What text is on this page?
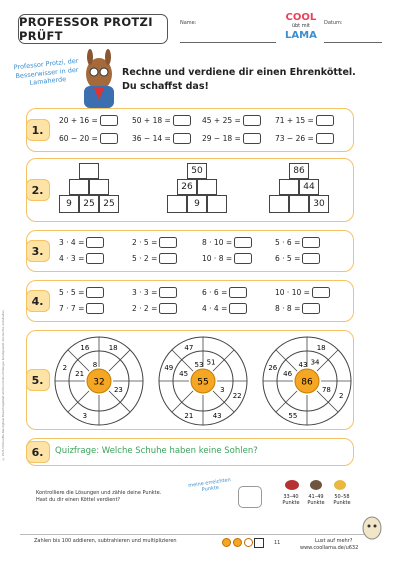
PROFESSOR PROTZI PRÜFT
Name:	COOL
übt mit
LAMA
Datum:
© 2023 COOLLAMA Das digitale Bewertungsblatt wird bei Online-Prüfungen bereitgestellt. Alle Rechte vorbehalten.
Professor Protzi, der Besserwisser in der Lamaherde
Rechne und verdiene dir einen Ehrenköttel.
Du schaffst das!
1.
20 + 16 =	50 + 18 =	45 + 25 =	71 + 15 =
60 − 20 =	36 − 14 =	29 − 18 =	73 − 26 =
2.
9	25 25
50
26
9
86
44
30
3.
3 · 4 =	2 · 5 =	8 · 10 =	5 · 6 =
4 · 3 =	5 · 2 =	10 · 8 =	6 · 5 =
4.
5 · 5 =	3 · 3 =	6 · 6 =	10 · 10 =
7 · 7 =	2 · 2 =	4 · 4 =	8 · 8 =
5.	32
23
21
18
3
2
16
8
55
51
3
45
22
43
21
49
47
53
86
34
78
46
18
2
55
26	43
6.	Quizfrage: Welche Schuhe haben keine Sohlen?
Kontrolliere die Lösungen und zähle deine Punkte.
Hast du dir einen Köttel verdient?
meine erreichten Punkte
33–40 Punkte
41–49 Punkte
50–58 Punkte
Zahlen bis 100 addieren, subtrahieren und multiplizieren	11	Lust auf mehr?
www.coollama.de/u632
